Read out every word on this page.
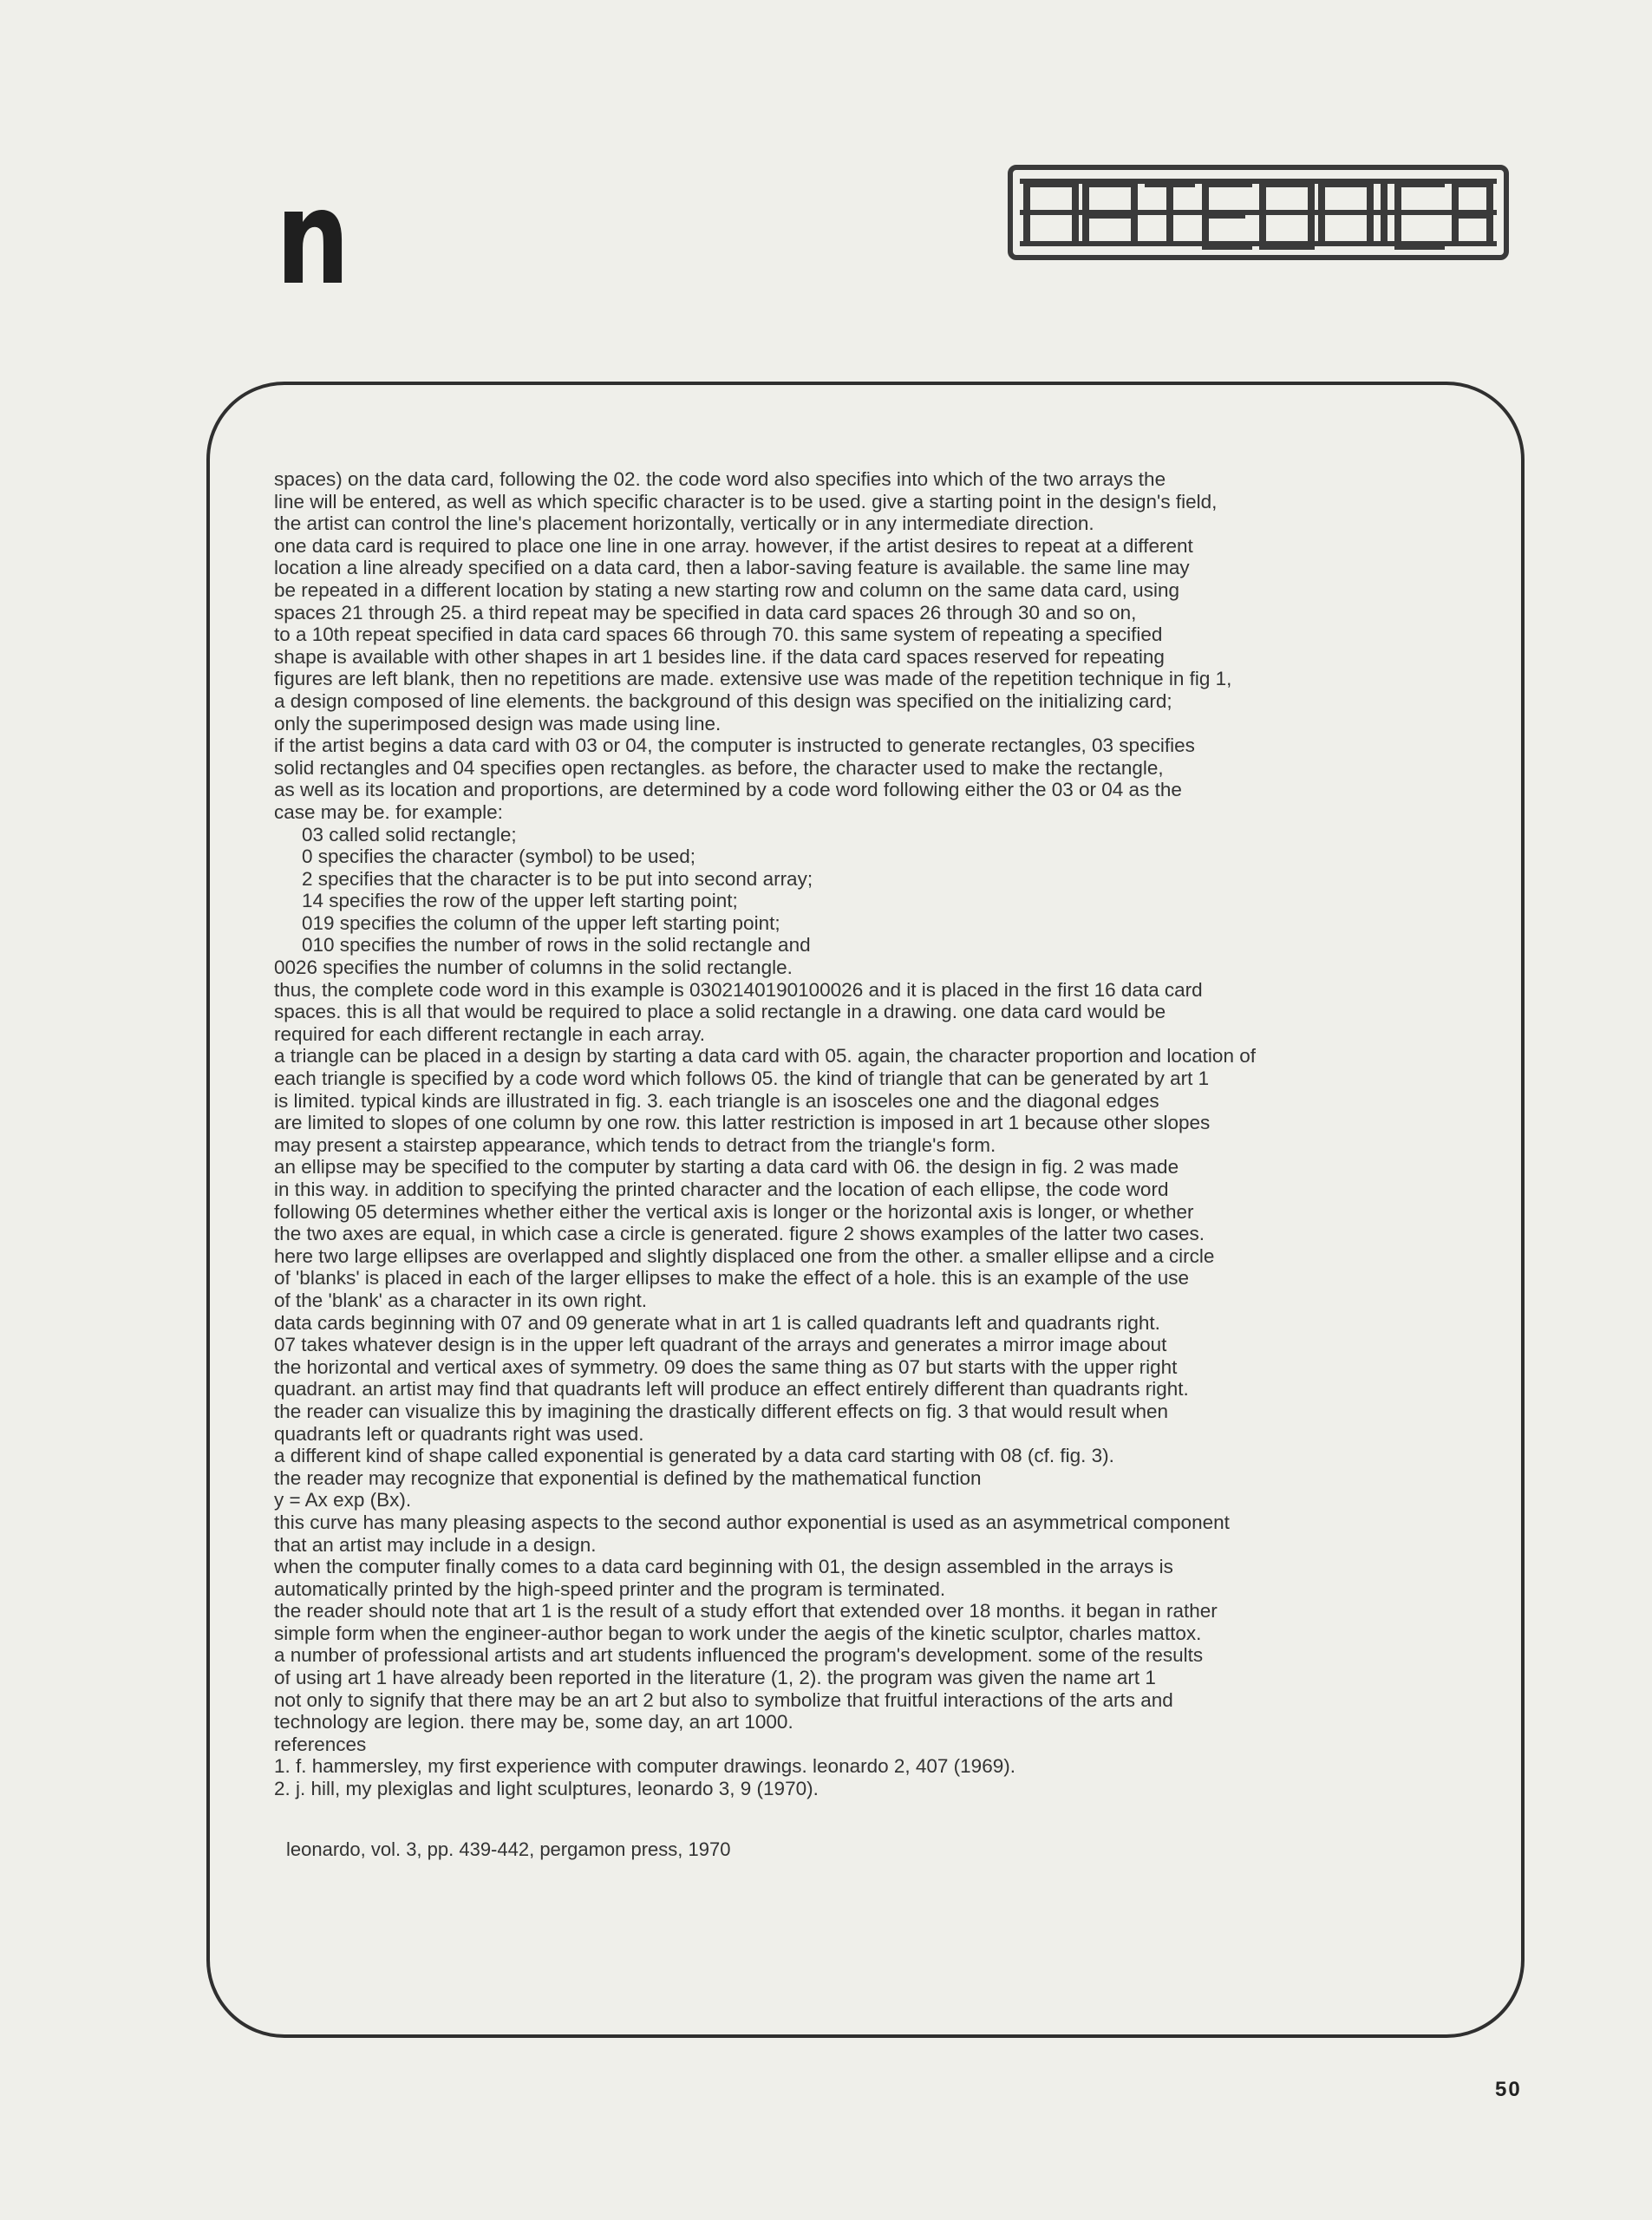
n

spaces) on the data card, following the 02. the code word also specifies into which of the two arrays the

line will be entered, as well as which specific character is to be used. give a starting point in the design's field,

the artist can control the line's placement horizontally, vertically or in any intermediate direction.

one data card is required to place one line in one array. however, if the artist desires to repeat at a different

location a line already specified on a data card, then a labor-saving feature is available. the same line may

be repeated in a different location by stating a new starting row and column on the same data card, using

spaces 21 through 25. a third repeat may be specified in data card spaces 26 through 30 and so on,

to a 10th repeat specified in data card spaces 66 through 70. this same system of repeating a specified

shape is available with other shapes in art 1 besides line. if the data card spaces reserved for repeating

figures are left blank, then no repetitions are made. extensive use was made of the repetition technique in fig 1,

a design composed of line elements. the background of this design was specified on the initializing card;

only the superimposed design was made using line.

if the artist begins a data card with 03 or 04, the computer is instructed to generate rectangles, 03 specifies

solid rectangles and 04 specifies open rectangles. as before, the character used to make the rectangle,

as well as its location and proportions, are determined by a code word following either the 03 or 04 as the

case may be. for example:

03 called solid rectangle;

0 specifies the character (symbol) to be used;

2 specifies that the character is to be put into second array;

14 specifies the row of the upper left starting point;

019 specifies the column of the upper left starting point;

010 specifies the number of rows in the solid rectangle and

0026 specifies the number of columns in the solid rectangle.

thus, the complete code word in this example is 0302140190100026 and it is placed in the first 16 data card

spaces. this is all that would be required to place a solid rectangle in a drawing. one data card would be

required for each different rectangle in each array.

a triangle can be placed in a design by starting a data card with 05. again, the character proportion and location of

each triangle is specified by a code word which follows 05. the kind of triangle that can be generated by art 1

is limited. typical kinds are illustrated in fig. 3. each triangle is an isosceles one and the diagonal edges

are limited to slopes of one column by one row. this latter restriction is imposed in art 1 because other slopes

may present a stairstep appearance, which tends to detract from the triangle's form.

an ellipse may be specified to the computer by starting a data card with 06. the design in fig. 2 was made

in this way. in addition to specifying the printed character and the location of each ellipse, the code word

following 05 determines whether either the vertical axis is longer or the horizontal axis is longer, or whether

the two axes are equal, in which case a circle is generated. figure 2 shows examples of the latter two cases.

here two large ellipses are overlapped and slightly displaced one from the other. a smaller ellipse and a circle

of 'blanks' is placed in each of the larger ellipses to make the effect of a hole. this is an example of the use

of the 'blank' as a character in its own right.

data cards beginning with 07 and 09 generate what in art 1 is called quadrants left and quadrants right.

07 takes whatever design is in the upper left quadrant of the arrays and generates a mirror image about

the horizontal and vertical axes of symmetry. 09 does the same thing as 07 but starts with the upper right

quadrant. an artist may find that quadrants left will produce an effect entirely different than quadrants right.

the reader can visualize this by imagining the drastically different effects on fig. 3 that would result when

quadrants left or quadrants right was used.

a different kind of shape called exponential is generated by a data card starting with 08 (cf. fig. 3).

the reader may recognize that exponential is defined by the mathematical function

y = Ax exp (Bx).

this curve has many pleasing aspects to the second author exponential is used as an asymmetrical component

that an artist may include in a design.

when the computer finally comes to a data card beginning with 01, the design assembled in the arrays is

automatically printed by the high-speed printer and the program is terminated.

the reader should note that art 1 is the result of a study effort that extended over 18 months. it began in rather

simple form when the engineer-author began to work under the aegis of the kinetic sculptor, charles mattox.

a number of professional artists and art students influenced the program's development. some of the results

of using art 1 have already been reported in the literature (1, 2). the program was given the name art 1

not only to signify that there may be an art 2 but also to symbolize that fruitful interactions of the arts and

technology are legion. there may be, some day, an art 1000.

references

1. f. hammersley, my first experience with computer drawings. leonardo 2, 407 (1969).

2. j. hill, my plexiglas and light sculptures, leonardo 3, 9 (1970).

leonardo, vol. 3, pp. 439-442, pergamon press, 1970
50
